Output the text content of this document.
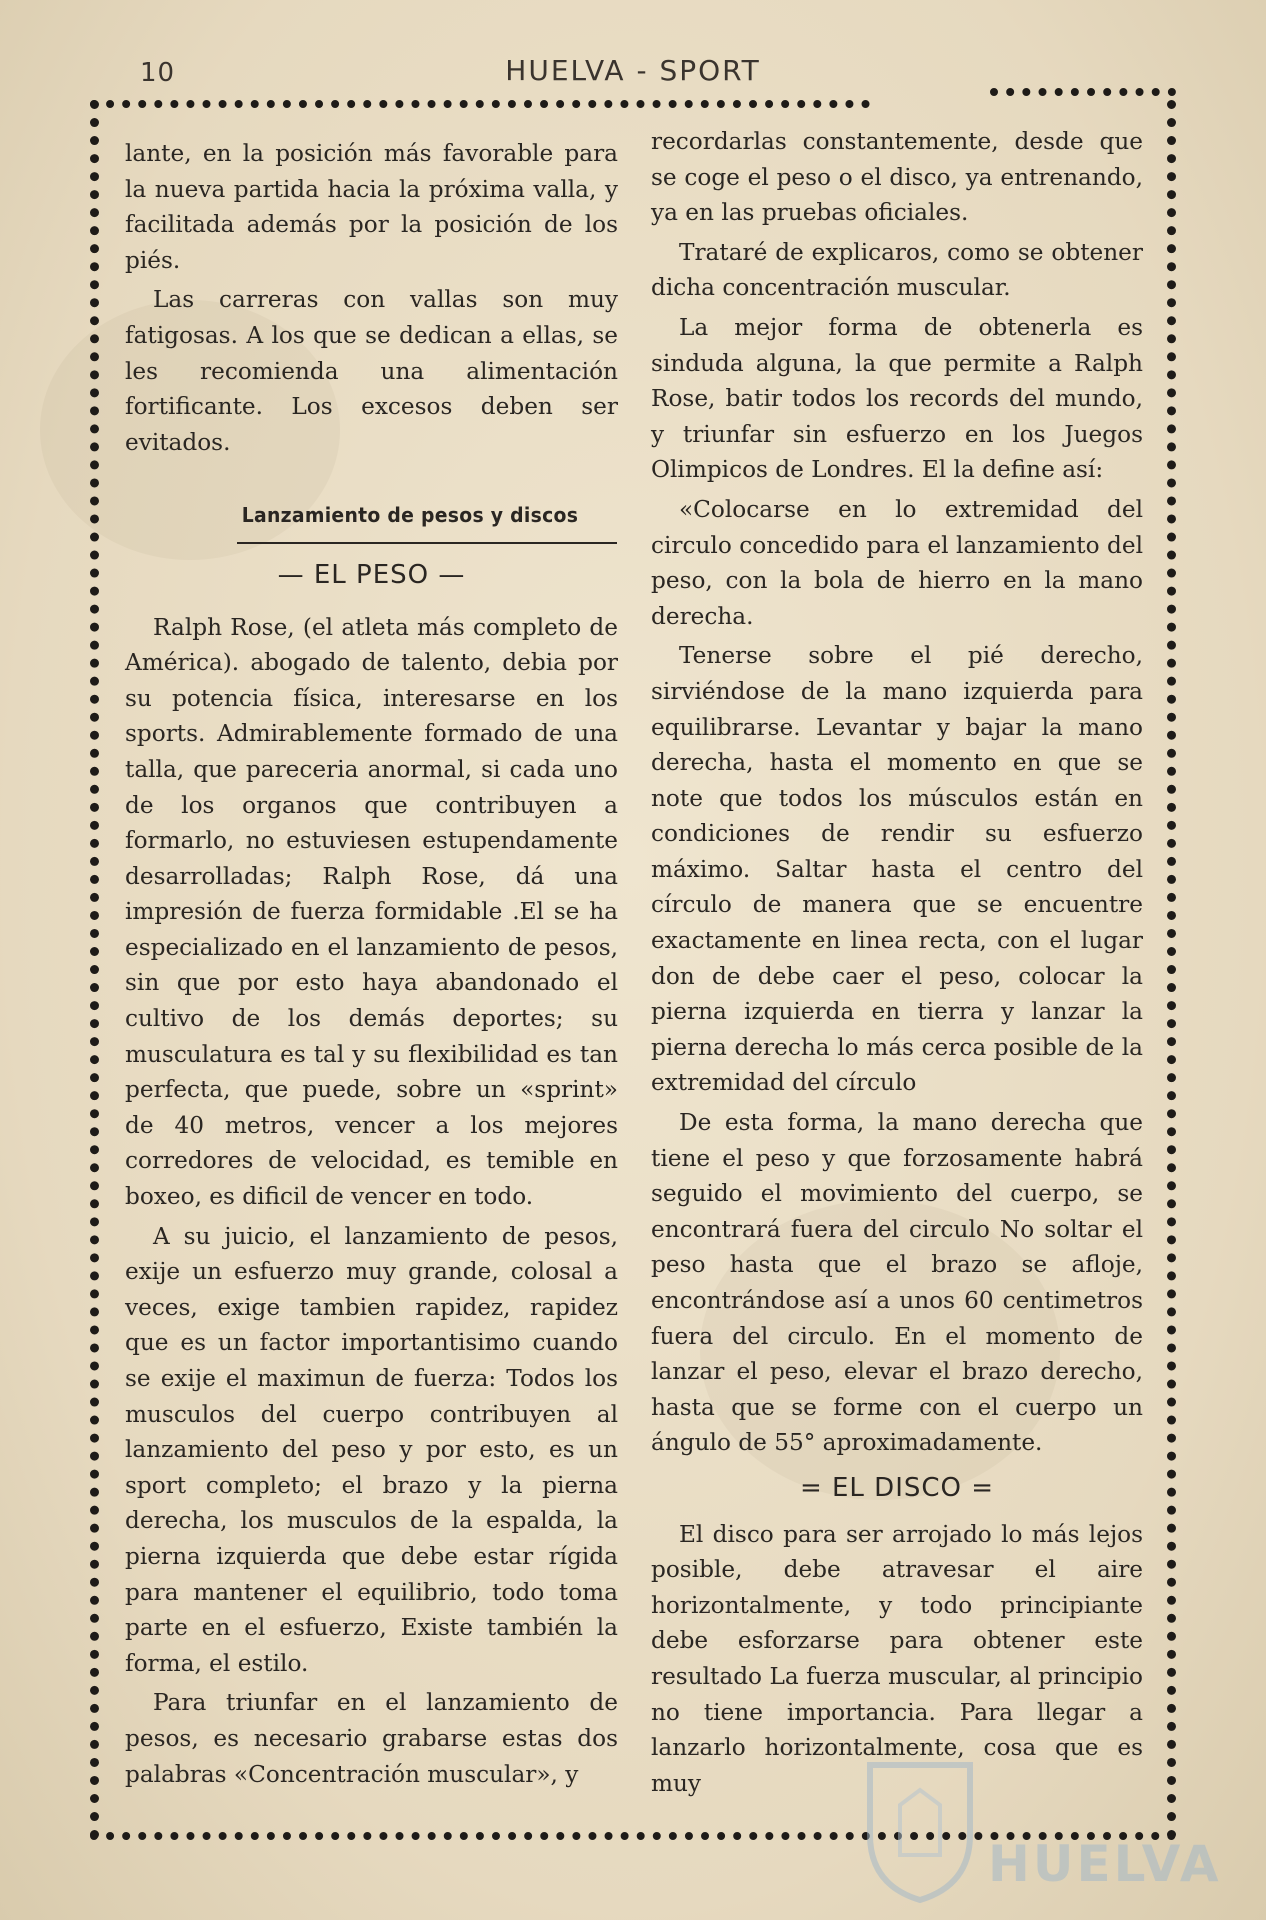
10	HUELVA - SPORT

lante, en la posición más favorable para la nueva partida hacia la próxima valla, y facilitada además por la posición de los piés.

Las carreras con vallas son muy fatigosas. A los que se dedican a ellas, se les recomienda una alimentación fortificante. Los excesos deben ser evitados.

Lanzamiento de pesos y discos
— EL PESO —

Ralph Rose, (el atleta más completo de América). abogado de talento, debia por su potencia física, interesarse en los sports. Admirablemente formado de una talla, que pareceria anormal, si cada uno de los organos que contribuyen a formarlo, no estuviesen estupendamente desarrolladas; Ralph Rose, dá una impresión de fuerza formidable .El se ha especializado en el lanzamiento de pesos, sin que por esto haya abandonado el cultivo de los demás deportes; su musculatura es tal y su flexibilidad es tan perfecta, que puede, sobre un «sprint» de 40 metros, vencer a los mejores corredores de velocidad, es temible en boxeo, es dificil de vencer en todo.

A su juicio, el lanzamiento de pesos, exije un esfuerzo muy grande, colosal a veces, exige tambien rapidez, rapidez que es un factor importantisimo cuando se exije el maximun de fuerza: Todos los musculos del cuerpo contribuyen al lanzamiento del peso y por esto, es un sport completo; el brazo y la pierna derecha, los musculos de la espalda, la pierna izquierda que debe estar rígida para mantener el equilibrio, todo toma parte en el esfuerzo, Existe también la forma, el estilo.

Para triunfar en el lanzamiento de pesos, es necesario grabarse estas dos palabras «Concentración muscular», y

recordarlas constantemente, desde que se coge el peso o el disco, ya entrenando, ya en las pruebas oficiales.

Trataré de explicaros, como se obtener dicha concentración muscular.

La mejor forma de obtenerla es sinduda alguna, la que permite a Ralph Rose, batir todos los records del mundo, y triunfar sin esfuerzo en los Juegos Olimpicos de Londres. El la define así:

«Colocarse en lo extremidad del circulo concedido para el lanzamiento del peso, con la bola de hierro en la mano derecha.

Tenerse sobre el pié derecho, sirviéndose de la mano izquierda para equilibrarse. Levantar y bajar la mano derecha, hasta el momento en que se note que todos los músculos están en condiciones de rendir su esfuerzo máximo. Saltar hasta el centro del círculo de manera que se encuentre exactamente en linea recta, con el lugar don de debe caer el peso, colocar la pierna izquierda en tierra y lanzar la pierna derecha lo más cerca posible de la extremidad del círculo

De esta forma, la mano derecha que tiene el peso y que forzosamente habrá seguido el movimiento del cuerpo, se encontrará fuera del circulo No soltar el peso hasta que el brazo se afloje, encontrándose así a unos 60 centimetros fuera del circulo. En el momento de lanzar el peso, elevar el brazo derecho, hasta que se forme con el cuerpo un ángulo de 55° aproximadamente.

= EL DISCO =

El disco para ser arrojado lo más lejos posible, debe atravesar el aire horizontalmente, y todo principiante debe esforzarse para obtener este resultado La fuerza muscular, al principio no tiene importancia. Para llegar a lanzarlo horizontalmente, cosa que es muy

HUELVA
